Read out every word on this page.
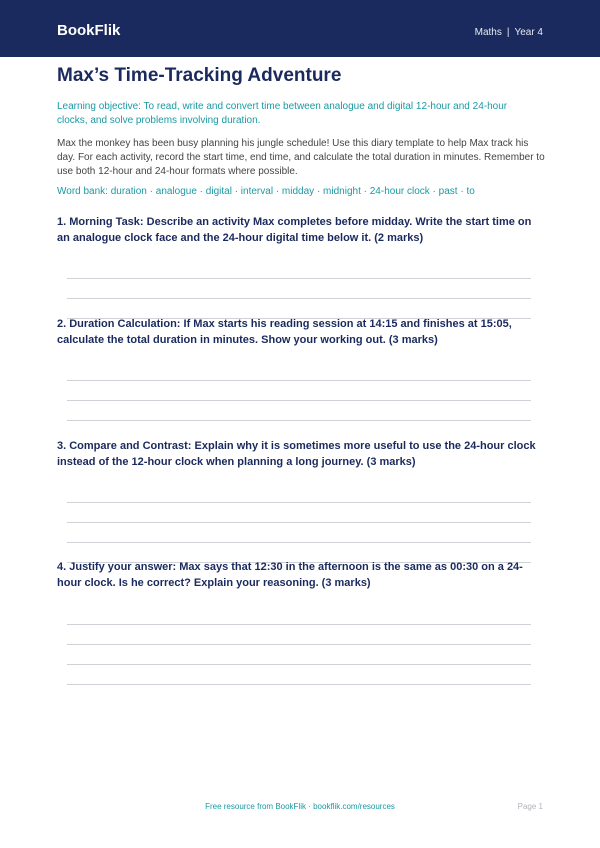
BookFlik	Maths | Year 4
Max’s Time-Tracking Adventure
Learning objective: To read, write and convert time between analogue and digital 12-hour and 24-hour clocks, and solve problems involving duration.
Max the monkey has been busy planning his jungle schedule! Use this diary template to help Max track his day. For each activity, record the start time, end time, and calculate the total duration in minutes. Remember to use both 12-hour and 24-hour formats where possible.
Word bank: duration · analogue · digital · interval · midday · midnight · 24-hour clock · past · to
1. Morning Task: Describe an activity Max completes before midday. Write the start time on an analogue clock face and the 24-hour digital time below it. (2 marks)
2. Duration Calculation: If Max starts his reading session at 14:15 and finishes at 15:05, calculate the total duration in minutes. Show your working out. (3 marks)
3. Compare and Contrast: Explain why it is sometimes more useful to use the 24-hour clock instead of the 12-hour clock when planning a long journey. (3 marks)
4. Justify your answer: Max says that 12:30 in the afternoon is the same as 00:30 on a 24-hour clock. Is he correct? Explain your reasoning. (3 marks)
Free resource from BookFlik · bookflik.com/resources	Page 1
